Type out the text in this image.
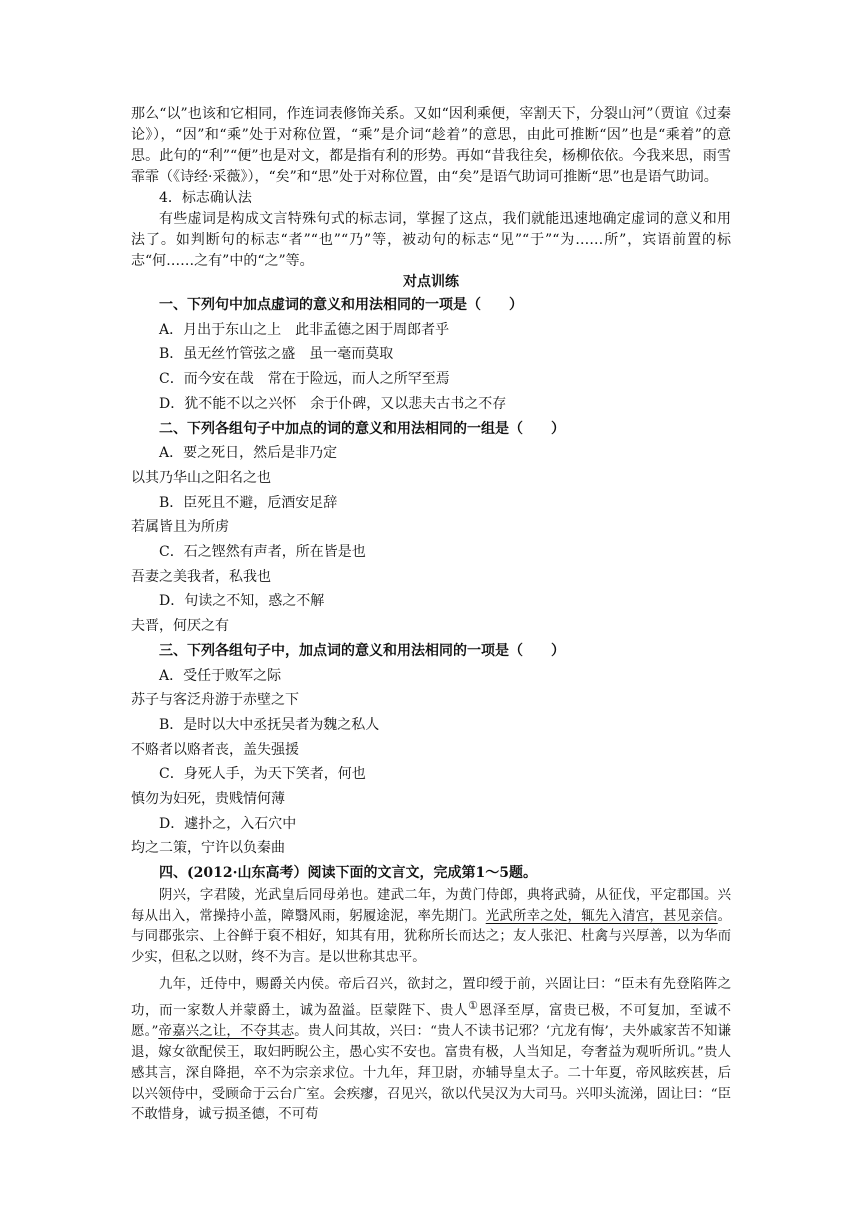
那么“以”也该和它相同，作连词表修饰关系。又如“因利乘便，宰割天下，分裂山河”（贾谊《过秦论》），“因”和“乘”处于对称位置，“乘”是介词“趁着”的意思，由此可推断“因”也是“乘着”的意思。此句的“利”“便”也是对文，都是指有利的形势。再如“昔我往矣，杨柳依依。今我来思，雨雪霏霏（《诗经·采薇》），“矣”和“思”处于对称位置，由“矣”是语气助词可推断“思”也是语气助词。

4．标志确认法

有些虚词是构成文言特殊句式的标志词，掌握了这点，我们就能迅速地确定虚词的意义和用法了。如判断句的标志“者”“也”“乃”等，被动句的标志“见”“于”“为……所”，宾语前置的标志“何……之有”中的“之”等。

对点训练

一、下列句中加点虚词的意义和用法相同的一项是（　　）

A．月出于东山之上　此非孟德之困于周郎者乎

B．虽无丝竹管弦之盛　虽一毫而莫取

C．而今安在哉　常在于险远，而人之所罕至焉

D．犹不能不以之兴怀　余于仆碑，又以悲夫古书之不存

二、下列各组句子中加点的词的意义和用法相同的一组是（　　）

A．要之死日，然后是非乃定

以其乃华山之阳名之也

B．臣死且不避，卮酒安足辞

若属皆且为所虏

C．石之铿然有声者，所在皆是也

吾妻之美我者，私我也

D．句读之不知，惑之不解

夫晋，何厌之有

三、下列各组句子中，加点词的意义和用法相同的一项是（　　）

A．受任于败军之际

苏子与客泛舟游于赤壁之下

B．是时以大中丞抚吴者为魏之私人

不赂者以赂者丧，盖失强援

C．身死人手，为天下笑者，何也

慎勿为妇死，贵贱情何薄

D．遽扑之，入石穴中

均之二策，宁许以负秦曲

四、(2012·山东高考）阅读下面的文言文，完成第1～5题。

阴兴，字君陵，光武皇后同母弟也。建武二年，为黄门侍郎，典将武骑，从征伐，平定郡国。兴每从出入，常操持小盖，障翳风雨，躬履途泥，率先期门。光武所幸之处，辄先入清宫，甚见亲信。与同郡张宗、上谷鲜于裒不相好，知其有用，犹称所长而达之；友人张汜、杜禽与兴厚善，以为华而少实，但私之以财，终不为言。是以世称其忠平。

九年，迁侍中，赐爵关内侯。帝后召兴，欲封之，置印绶于前，兴固让曰：“臣未有先登陷阵之功，而一家数人并蒙爵土，诚为盈溢。臣蒙陛下、贵人①恩泽至厚，富贵已极，不可复加，至诚不愿。”帝嘉兴之让，不夺其志。贵人问其故，兴曰：“贵人不读书记邪？‘亢龙有悔’，夫外戚家苦不知谦退，嫁女欲配侯王，取妇眄睨公主，愚心实不安也。富贵有极，人当知足，夸奢益为观听所讥。”贵人感其言，深自降挹，卒不为宗亲求位。十九年，拜卫尉，亦辅导皇太子。二十年夏，帝风眩疾甚，后以兴领侍中，受顾命于云台广室。会疾瘳，召见兴，欲以代吴汉为大司马。兴叩头流涕，固让曰：“臣不敢惜身，诚亏损圣德，不可苟
